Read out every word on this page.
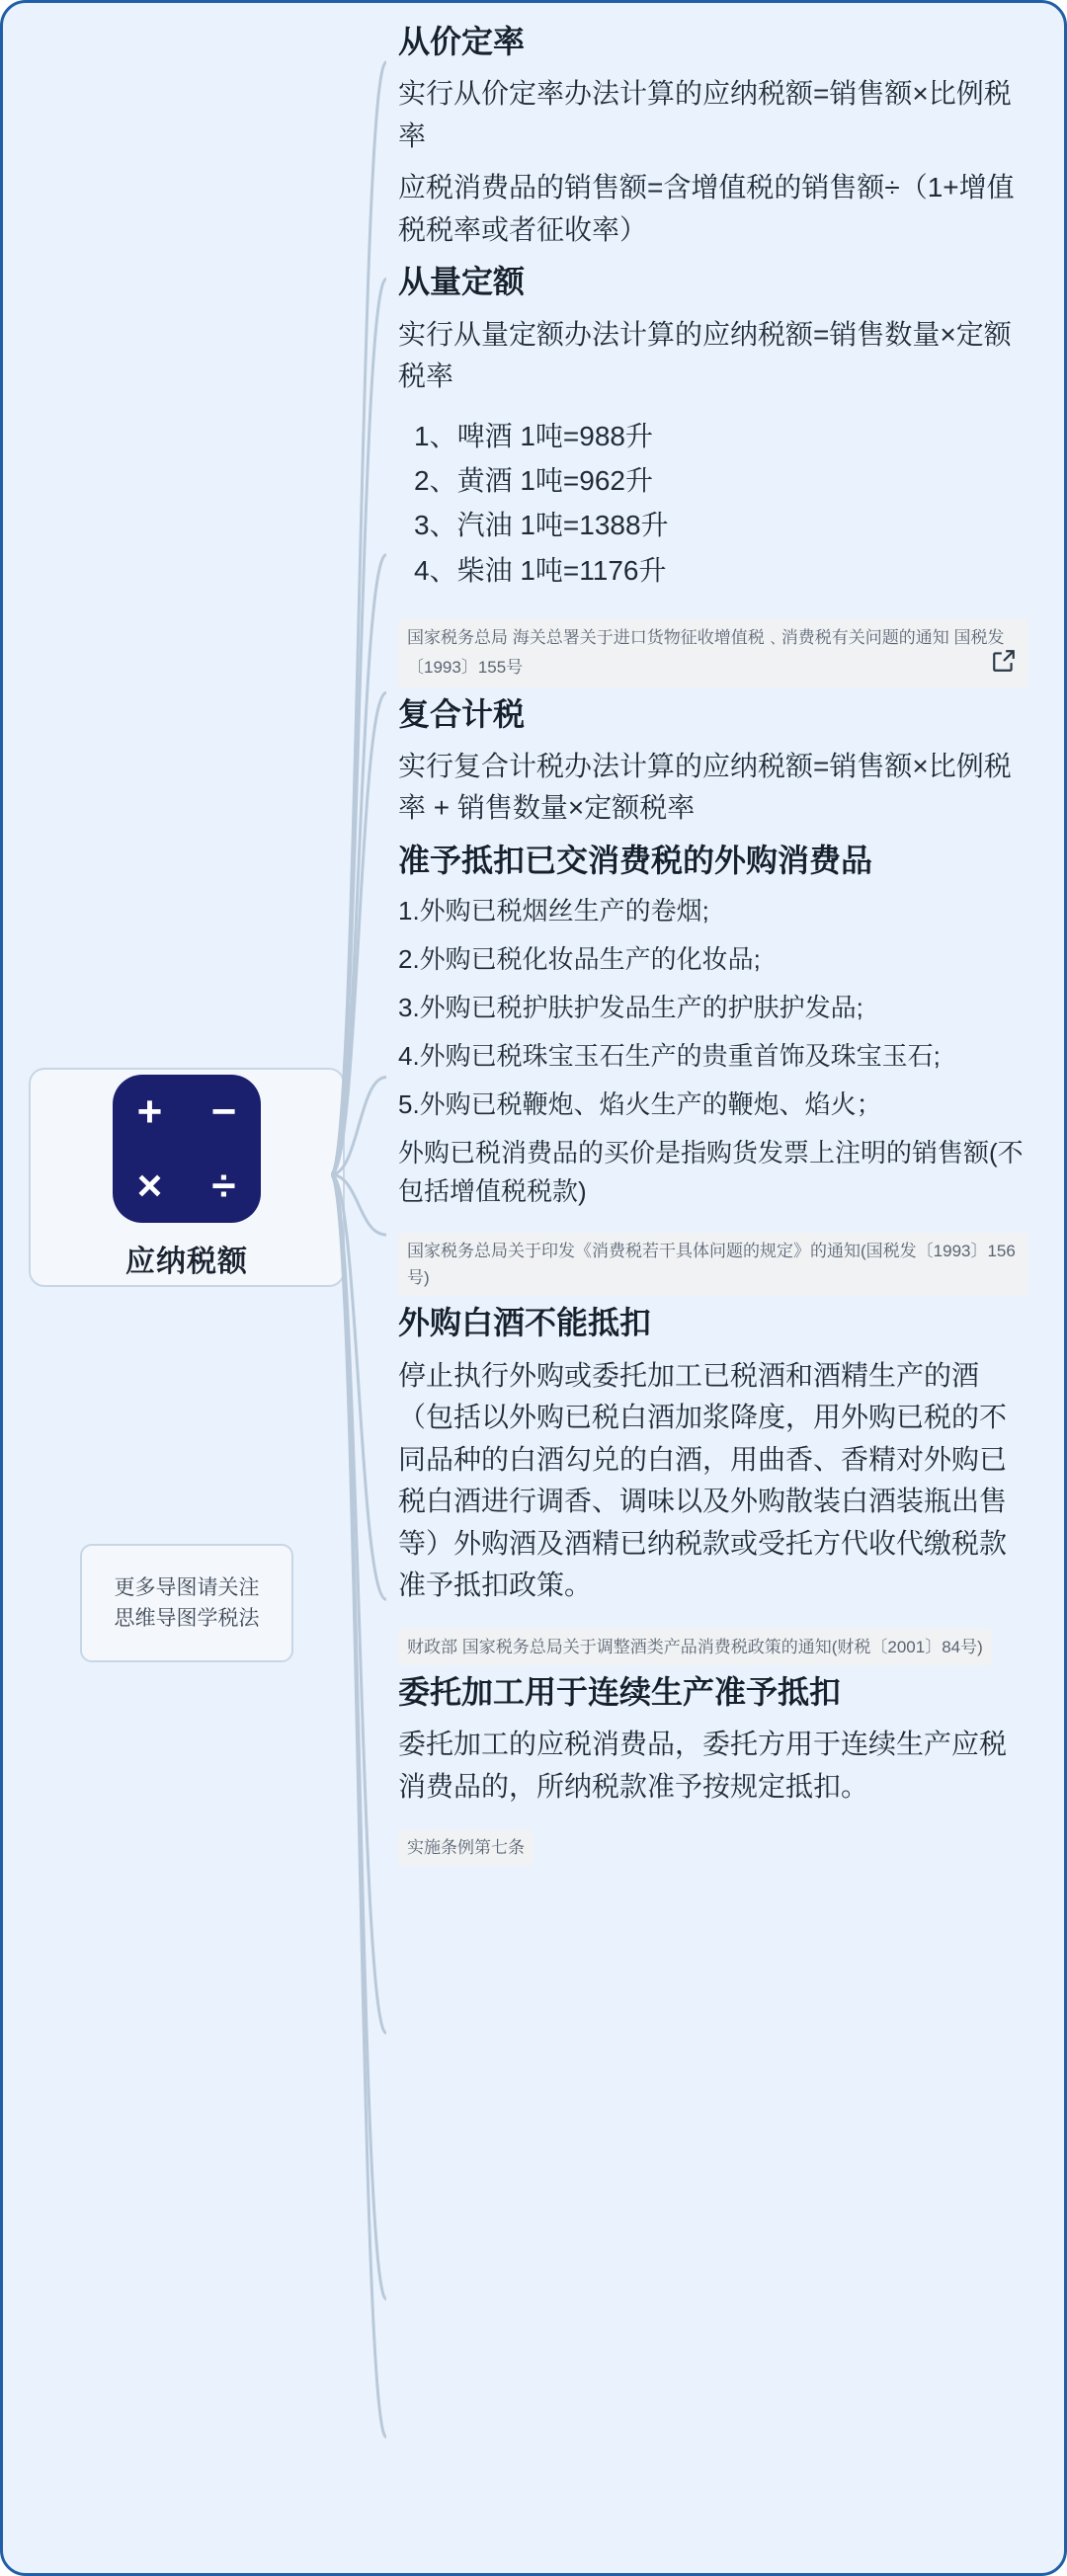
+ −
× ÷
应纳税额
更多导图请关注
思维导图学税法
从价定率

实行从价定率办法计算的应纳税额=销售额×比例税率

应税消费品的销售额=含增值税的销售额÷（1+增值税税率或者征收率）

从量定额

实行从量定额办法计算的应纳税额=销售数量×定额税率

1、啤酒 1吨=988升
2、黄酒 1吨=962升
3、汽油 1吨=1388升
4、柴油 1吨=1176升
国家税务总局 海关总署关于进口货物征收增值税﹑消费税有关问题的通知 国税发〔1993〕155号
复合计税

实行复合计税办法计算的应纳税额=销售额×比例税率 + 销售数量×定额税率

准予抵扣已交消费税的外购消费品

1.外购已税烟丝生产的卷烟;

2.外购已税化妆品生产的化妆品;

3.外购已税护肤护发品生产的护肤护发品;

4.外购已税珠宝玉石生产的贵重首饰及珠宝玉石;

5.外购已税鞭炮、焰火生产的鞭炮、焰火；

外购已税消费品的买价是指购货发票上注明的销售额(不包括增值税税款)

国家税务总局关于印发《消费税若干具体问题的规定》的通知(国税发〔1993〕156号)
外购白酒不能抵扣

停止执行外购或委托加工已税酒和酒精生产的酒（包括以外购已税白酒加浆降度，用外购已税的不同品种的白酒勾兑的白酒，用曲香、香精对外购已税白酒进行调香、调味以及外购散装白酒装瓶出售等）外购酒及酒精已纳税款或受托方代收代缴税款准予抵扣政策。

财政部 国家税务总局关于调整酒类产品消费税政策的通知(财税〔2001〕84号)
委托加工用于连续生产准予抵扣

委托加工的应税消费品，委托方用于连续生产应税消费品的，所纳税款准予按规定抵扣。

实施条例第七条
